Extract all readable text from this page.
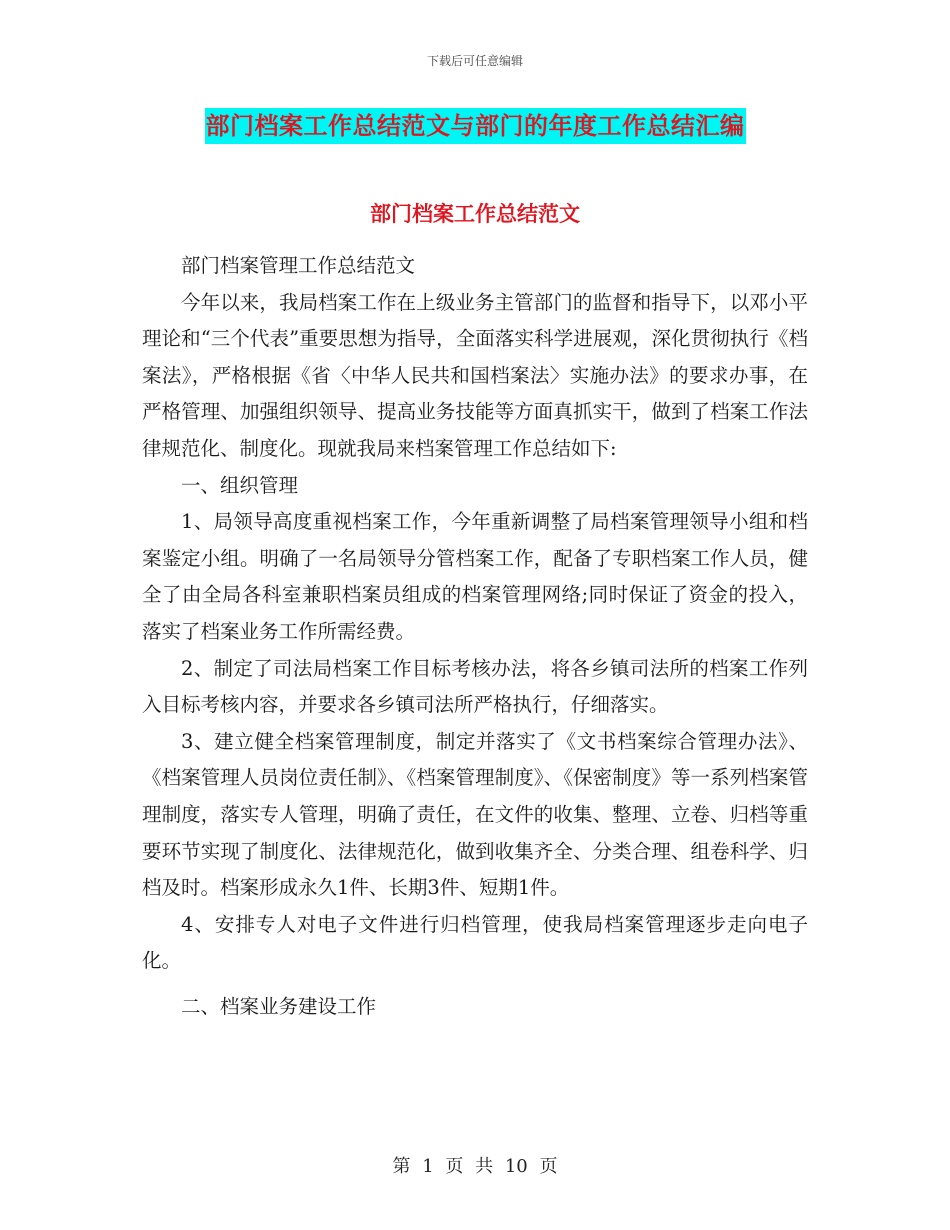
下载后可任意编辑
部门档案工作总结范文与部门的年度工作总结汇编
部门档案工作总结范文

部门档案管理工作总结范文

今年以来，我局档案工作在上级业务主管部门的监督和指导下，以邓小平理论和“三个代表”重要思想为指导，全面落实科学进展观，深化贯彻执行《档案法》，严格根据《省〈中华人民共和国档案法〉实施办法》的要求办事，在严格管理、加强组织领导、提高业务技能等方面真抓实干，做到了档案工作法律规范化、制度化。现就我局来档案管理工作总结如下:

一、组织管理

1、局领导高度重视档案工作，今年重新调整了局档案管理领导小组和档案鉴定小组。明确了一名局领导分管档案工作，配备了专职档案工作人员，健全了由全局各科室兼职档案员组成的档案管理网络;同时保证了资金的投入，落实了档案业务工作所需经费。

2、制定了司法局档案工作目标考核办法，将各乡镇司法所的档案工作列入目标考核内容，并要求各乡镇司法所严格执行，仔细落实。

3、建立健全档案管理制度，制定并落实了《文书档案综合管理办法》、《档案管理人员岗位责任制》、《档案管理制度》、《保密制度》等一系列档案管理制度，落实专人管理，明确了责任，在文件的收集、整理、立卷、归档等重要环节实现了制度化、法律规范化，做到收集齐全、分类合理、组卷科学、归档及时。档案形成永久1件、长期3件、短期1件。

4、安排专人对电子文件进行归档管理，使我局档案管理逐步走向电子化。

二、档案业务建设工作

第 1 页 共 10 页
